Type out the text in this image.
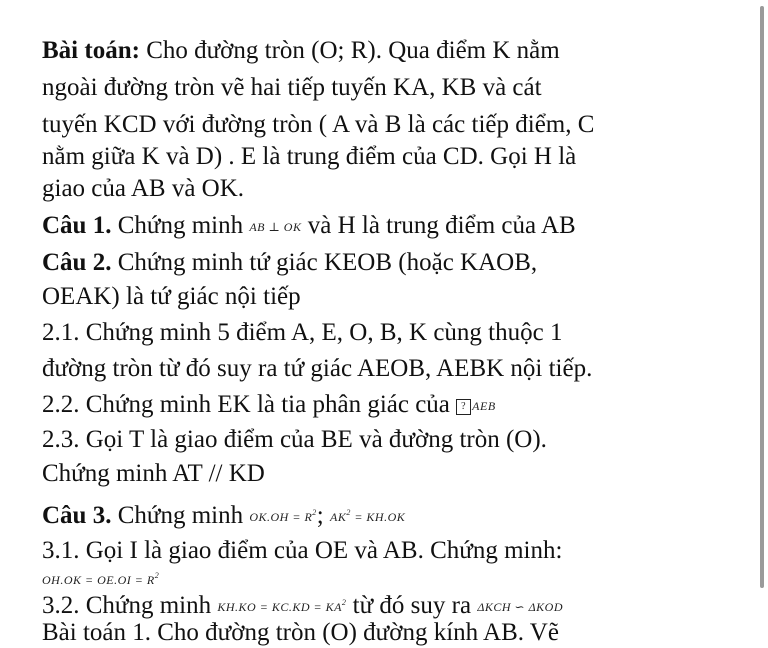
Bài toán: Cho đường tròn (O; R). Qua điểm K nằm
ngoài đường tròn vẽ hai tiếp tuyến KA, KB và cát
tuyến KCD với đường tròn ( A và B là các tiếp điểm, C
nằm giữa K và D) . E là trung điểm của CD. Gọi H là
giao của AB và OK.
Câu 1. Chứng minh AB ⊥ OK và H là trung điểm của AB
Câu 2. Chứng minh tứ giác KEOB (hoặc KAOB,
OEAK) là tứ giác nội tiếp
2.1. Chứng minh 5 điểm A, E, O, B, K cùng thuộc 1
đường tròn từ đó suy ra tứ giác AEOB, AEBK nội tiếp.
2.2. Chứng minh EK là tia phân giác của ? AEB
2.3. Gọi T là giao điểm của BE và đường tròn (O).
Chứng minh AT // KD
Câu 3. Chứng minh $OK.OH = R^2$; $AK^2 = KH.OK$
3.1. Gọi I là giao điểm của OE và AB. Chứng minh:
$OH.OK = OE.OI = R^2$
3.2. Chứng minh $KH.KO = KC.KD = KA^2$ từ đó suy ra ΔKCH ∽ ΔKOD
Bài toán 1. Cho đường tròn (O) đường kính AB. Vẽ
